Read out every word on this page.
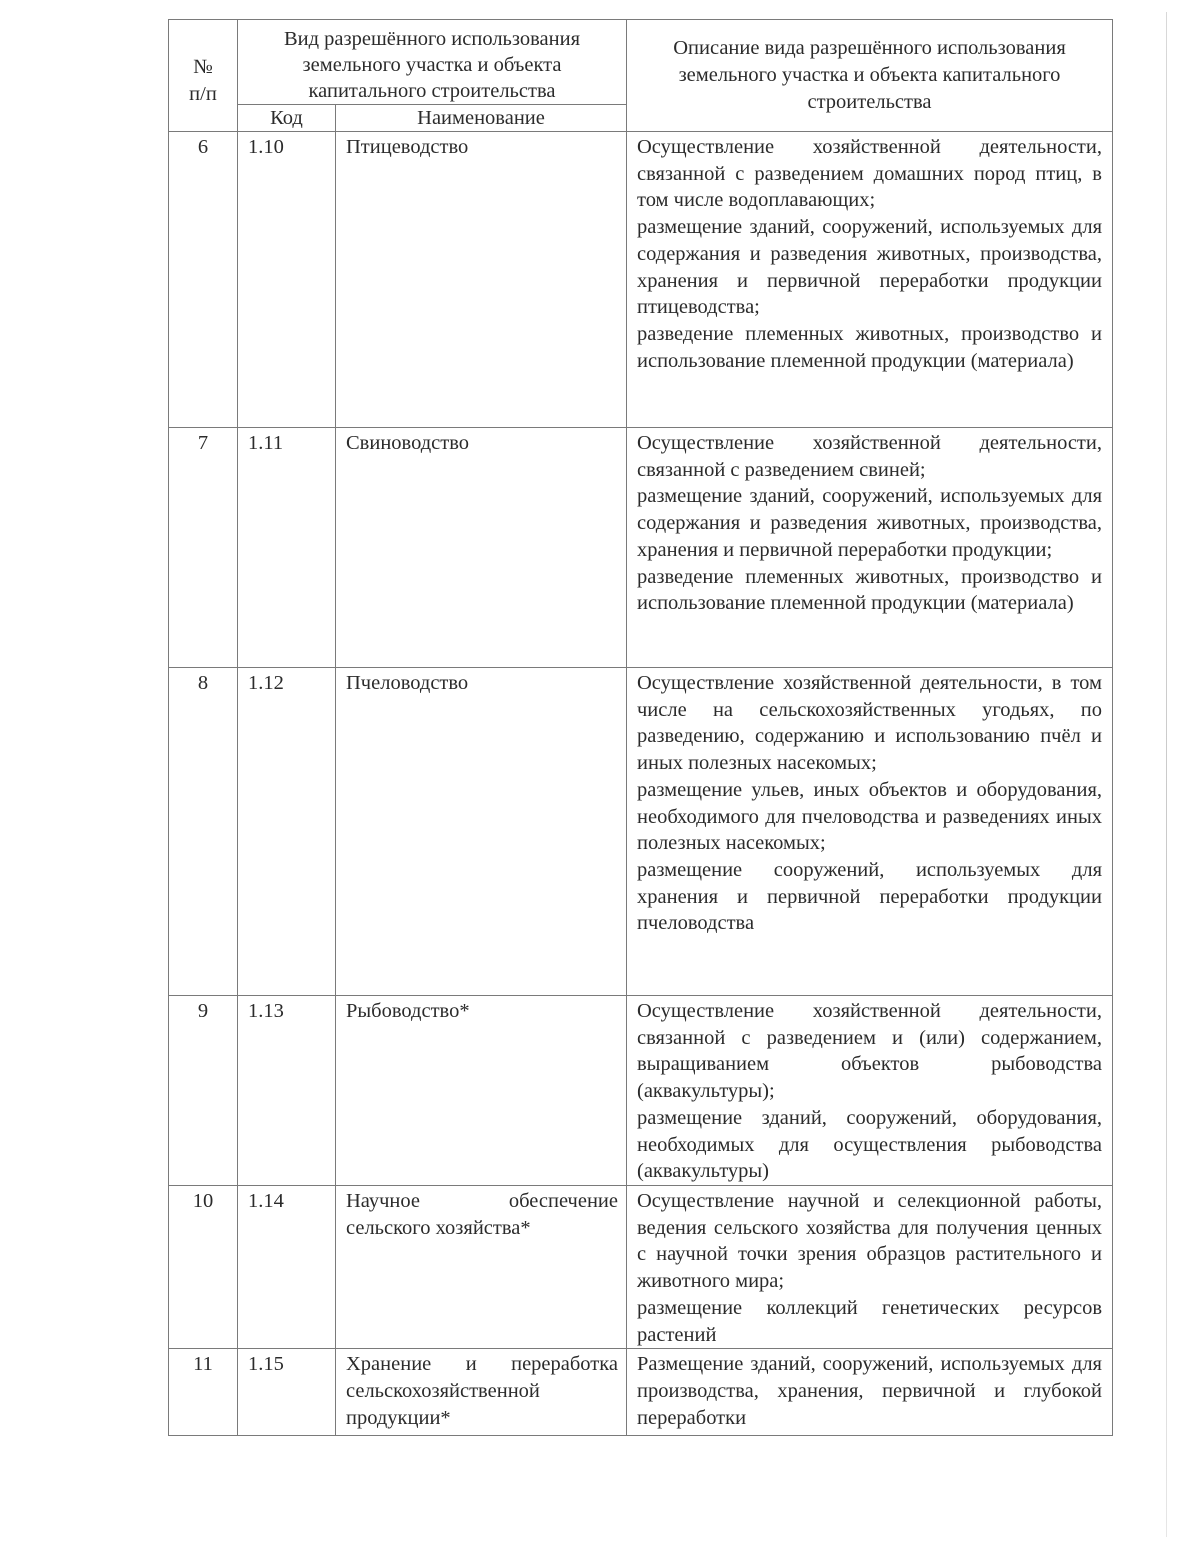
№ п/п	Вид разрешённого использования земельного участка и объекта капитального строительства		Описание вида разрешённого использования земельного участка и объекта капитального строительства
	Код	Наименование	
6	1.10	Птицеводство	Осуществление хозяйственной деятельности, связанной с разведением домашних пород птиц, в том числе водоплавающих;

размещение зданий, сооружений, используемых для содержания и разведения животных, производства, хранения и первичной переработки продукции птицеводства;

разведение племенных животных, производство и использование племенной продукции (материала)

7	1.11	Свиноводство	Осуществление хозяйственной деятельности, связанной с разведением свиней;

размещение зданий, сооружений, используемых для содержания и разведения животных, производства, хранения и первичной переработки продукции;

разведение племенных животных, производство и использование племенной продукции (материала)

8	1.12	Пчеловодство	Осуществление хозяйственной деятельности, в том числе на сельскохозяйственных угодьях, по разведению, содержанию и использованию пчёл и иных полезных насекомых;

размещение ульев, иных объектов и оборудования, необходимого для пчеловодства и разведениях иных полезных насекомых;

размещение сооружений, используемых для хранения и первичной переработки продукции пчеловодства

9	1.13	Рыбоводство*	Осуществление хозяйственной деятельности, связанной с разведением и (или) содержанием, выращиванием объектов рыбоводства (аквакультуры);

размещение зданий, сооружений, оборудования, необходимых для осуществления рыбоводства (аквакультуры)

10	1.14	Научное обеспечение сельского хозяйства*	Осуществление научной и селекционной работы, ведения сельского хозяйства для получения ценных с научной точки зрения образцов растительного и животного мира;

размещение коллекций генетических ресурсов растений

11	1.15	Хранение и переработка сельскохозяйственной продукции*	Размещение зданий, сооружений, используемых для производства, хранения, первичной и глубокой переработки
